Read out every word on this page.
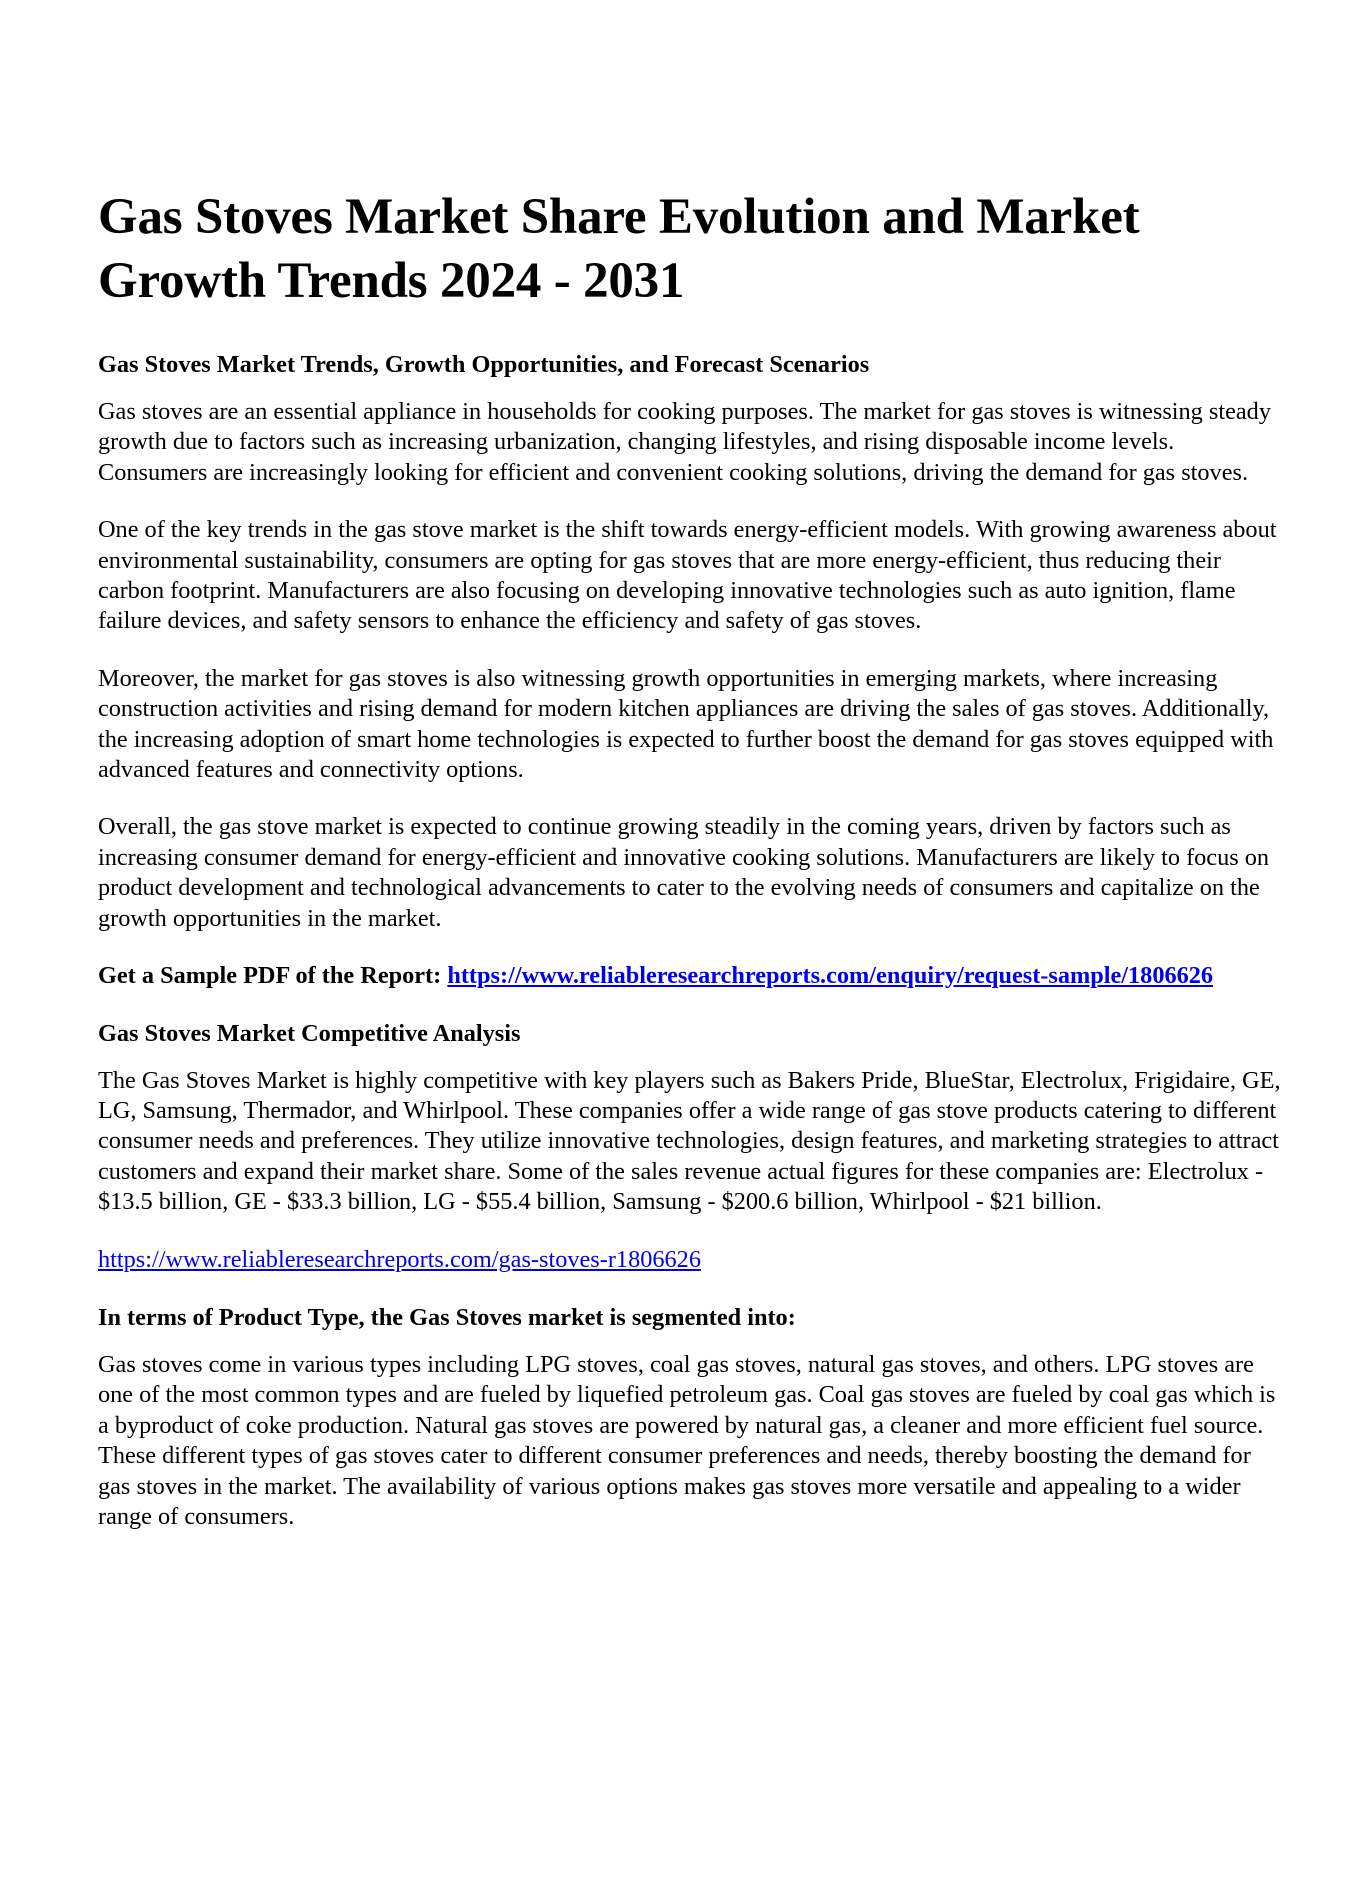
Gas Stoves Market Share Evolution and Market Growth Trends 2024 - 2031
Gas Stoves Market Trends, Growth Opportunities, and Forecast Scenarios

Gas stoves are an essential appliance in households for cooking purposes. The market for gas stoves is witnessing steady growth due to factors such as increasing urbanization, changing lifestyles, and rising disposable income levels. Consumers are increasingly looking for efficient and convenient cooking solutions, driving the demand for gas stoves.

One of the key trends in the gas stove market is the shift towards energy-efficient models. With growing awareness about environmental sustainability, consumers are opting for gas stoves that are more energy-efficient, thus reducing their carbon footprint. Manufacturers are also focusing on developing innovative technologies such as auto ignition, flame failure devices, and safety sensors to enhance the efficiency and safety of gas stoves.

Moreover, the market for gas stoves is also witnessing growth opportunities in emerging markets, where increasing construction activities and rising demand for modern kitchen appliances are driving the sales of gas stoves. Additionally, the increasing adoption of smart home technologies is expected to further boost the demand for gas stoves equipped with advanced features and connectivity options.

Overall, the gas stove market is expected to continue growing steadily in the coming years, driven by factors such as increasing consumer demand for energy-efficient and innovative cooking solutions. Manufacturers are likely to focus on product development and technological advancements to cater to the evolving needs of consumers and capitalize on the growth opportunities in the market.

Get a Sample PDF of the Report: https://www.reliableresearchreports.com/enquiry/request-sample/1806626

Gas Stoves Market Competitive Analysis

The Gas Stoves Market is highly competitive with key players such as Bakers Pride, BlueStar, Electrolux, Frigidaire, GE, LG, Samsung, Thermador, and Whirlpool. These companies offer a wide range of gas stove products catering to different consumer needs and preferences. They utilize innovative technologies, design features, and marketing strategies to attract customers and expand their market share. Some of the sales revenue actual figures for these companies are: Electrolux - $13.5 billion, GE - $33.3 billion, LG - $55.4 billion, Samsung - $200.6 billion, Whirlpool - $21 billion.

https://www.reliableresearchreports.com/gas-stoves-r1806626

In terms of Product Type, the Gas Stoves market is segmented into:

Gas stoves come in various types including LPG stoves, coal gas stoves, natural gas stoves, and others. LPG stoves are one of the most common types and are fueled by liquefied petroleum gas. Coal gas stoves are fueled by coal gas which is a byproduct of coke production. Natural gas stoves are powered by natural gas, a cleaner and more efficient fuel source. These different types of gas stoves cater to different consumer preferences and needs, thereby boosting the demand for gas stoves in the market. The availability of various options makes gas stoves more versatile and appealing to a wider range of consumers.
